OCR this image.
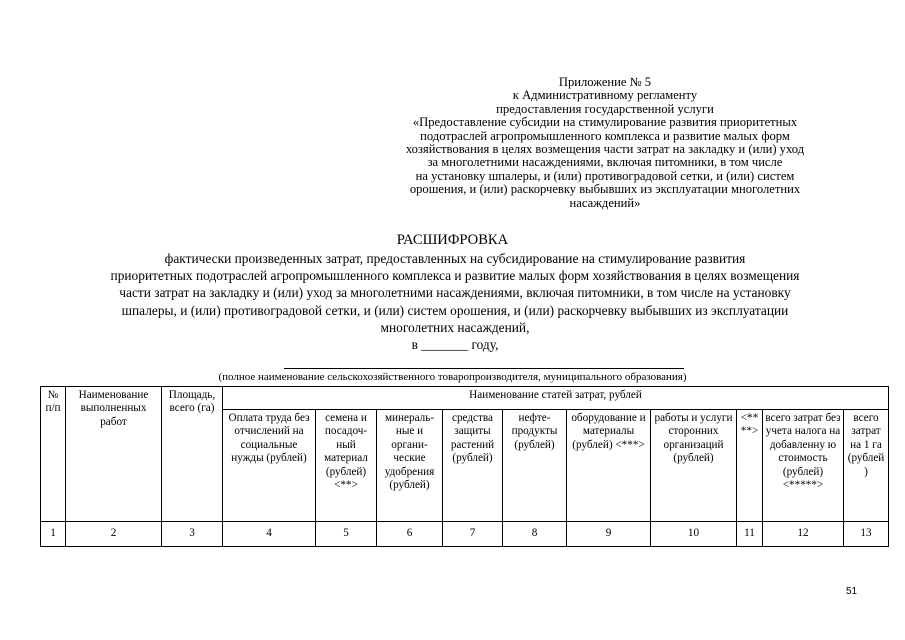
Приложение № 5
к Административному регламенту
предоставления государственной услуги
«Предоставление субсидии на стимулирование развития приоритетных
подотраслей агропромышленного комплекса и развитие малых форм
хозяйствования в целях возмещения части затрат на закладку и (или) уход
за многолетними насаждениями, включая питомники, в том числе
на установку шпалеры, и (или) противоградовой сетки, и (или) систем
орошения, и (или) раскорчевку выбывших из эксплуатации многолетних
насаждений»
РАСШИФРОВКА
фактически произведенных затрат, предоставленных на субсидирование на стимулирование развития
приоритетных подотраслей агропромышленного комплекса и развитие малых форм хозяйствования в целях возмещения
части затрат на закладку и (или) уход за многолетними насаждениями, включая питомники, в том числе на установку
шпалеры, и (или) противоградовой сетки, и (или) систем орошения, и (или) раскорчевку выбывших из эксплуатации
многолетних насаждений,
в _______ году,
(полное наименование сельскохозяйственного товаропроизводителя, муниципального образования)
№ п/п	Наименование выполненных работ	Площадь, всего (га)	Наименование статей затрат, рублей									
			Оплата труда без отчислений на социальные нужды (рублей)	семена и посадоч- ный материал (рублей) <**>	минераль- ные и органи- ческие удобрения (рублей)	средства защиты растений (рублей)	нефте- продукты (рублей)	оборудование и материалы (рублей) <***>	работы и услуги сторонних организаций (рублей)	<** **>	всего затрат без учета налога на добавленну ю стоимость (рублей) <*****>	всего затрат на 1 га (рублей )
1	2	3	4	5	6	7	8	9	10	11	12	13
51
